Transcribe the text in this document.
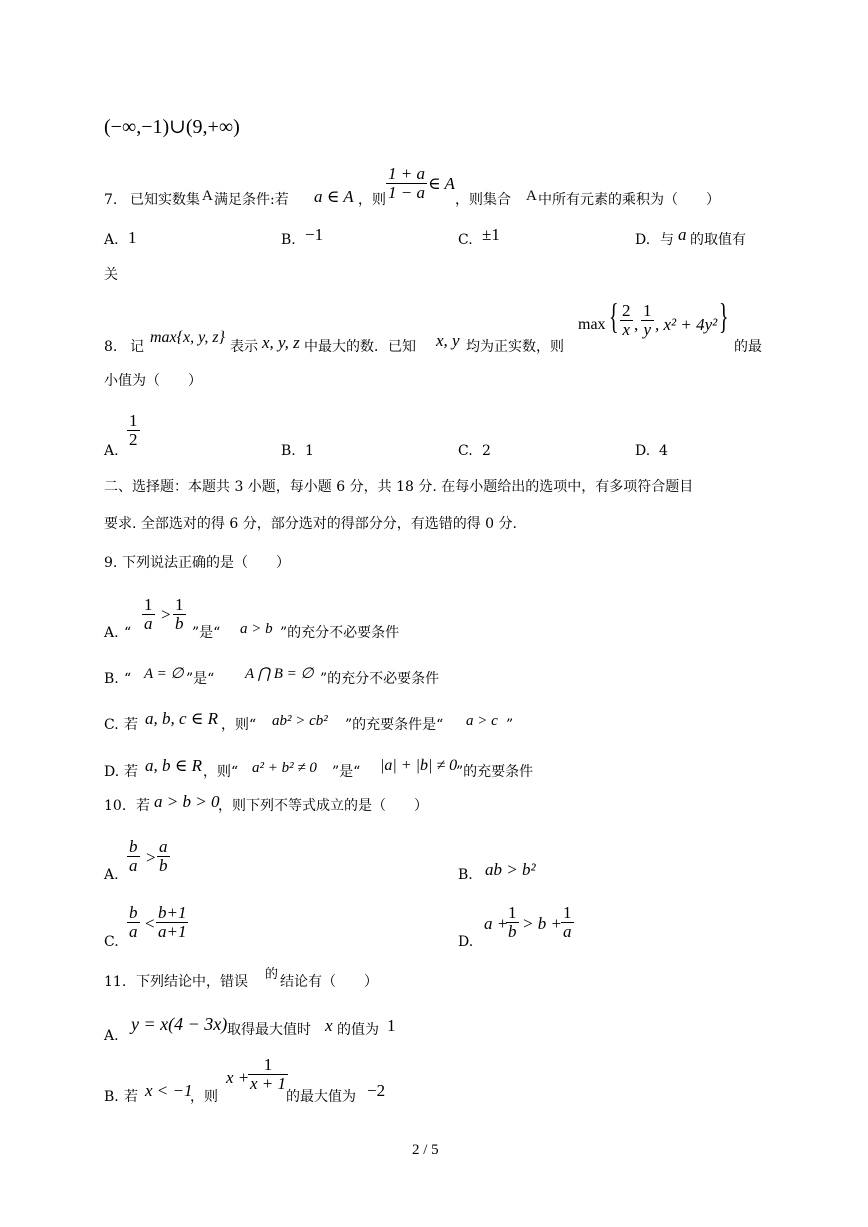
(−∞,−1)∪(9,+∞)
7. 已知实数集 A 满足条件:若 a ∈ A ，则 $\frac{1 + a}{1 - a}$ ∈ A
，则集合 A 中所有元素的乘积为（　　）
A. 1	B. −1	C. ±1	D. 与 a 的取值有
关
8. 记
max{x, y, z}
表示 x, y, z 中最大的数．已知 x, y 均为正实数，则
max { $\frac{2}{x}$ , $\frac{1}{y}$ , x² + 4y² }
的最
小值为（　　）
A.
$\frac{1}{2}$
B. 1	C. 2	D. 4
二、选择题：本题共 3 小题，每小题 6 分，共 18 分. 在每小题给出的选项中，有多项符合题目
要求. 全部选对的得 6 分，部分选对的得部分分，有选错的得 0 分.
9. 下列说法正确的是（　　）
A. “ $\frac{1}{a} > \frac{1}{b}$ ”是“ a > b ”的充分不必要条件
B. “ A = ∅ ”是“ A ⋂ B = ∅ ”的充分不必要条件
C. 若 a, b, c ∈ R ，则“ ab² > cb² ”的充要条件是“ a > c ”
D. 若 a, b ∈ R ，则“ a² + b² ≠ 0 ”是“ |a| + |b| ≠ 0
”的充要条件
10. 若 a > b > 0
，则下列不等式成立的是（　　）
A. $\frac{b}{a} > \frac{a}{b}$	B. ab > b²
C.
$\frac{b}{a} < \frac{b+1}{a+1}$
D.
a +
$\frac{1}{b} > b + \frac{1}{a}$
11. 下列结论中，错误 的 结论有（　　）
A.
y = x(4 − 3x) 取得最大值时 x 的值为 1
B. 若 x < −1
，则
x +
$\frac{1}{x + 1}$
的最大值为 −2
2 / 5
